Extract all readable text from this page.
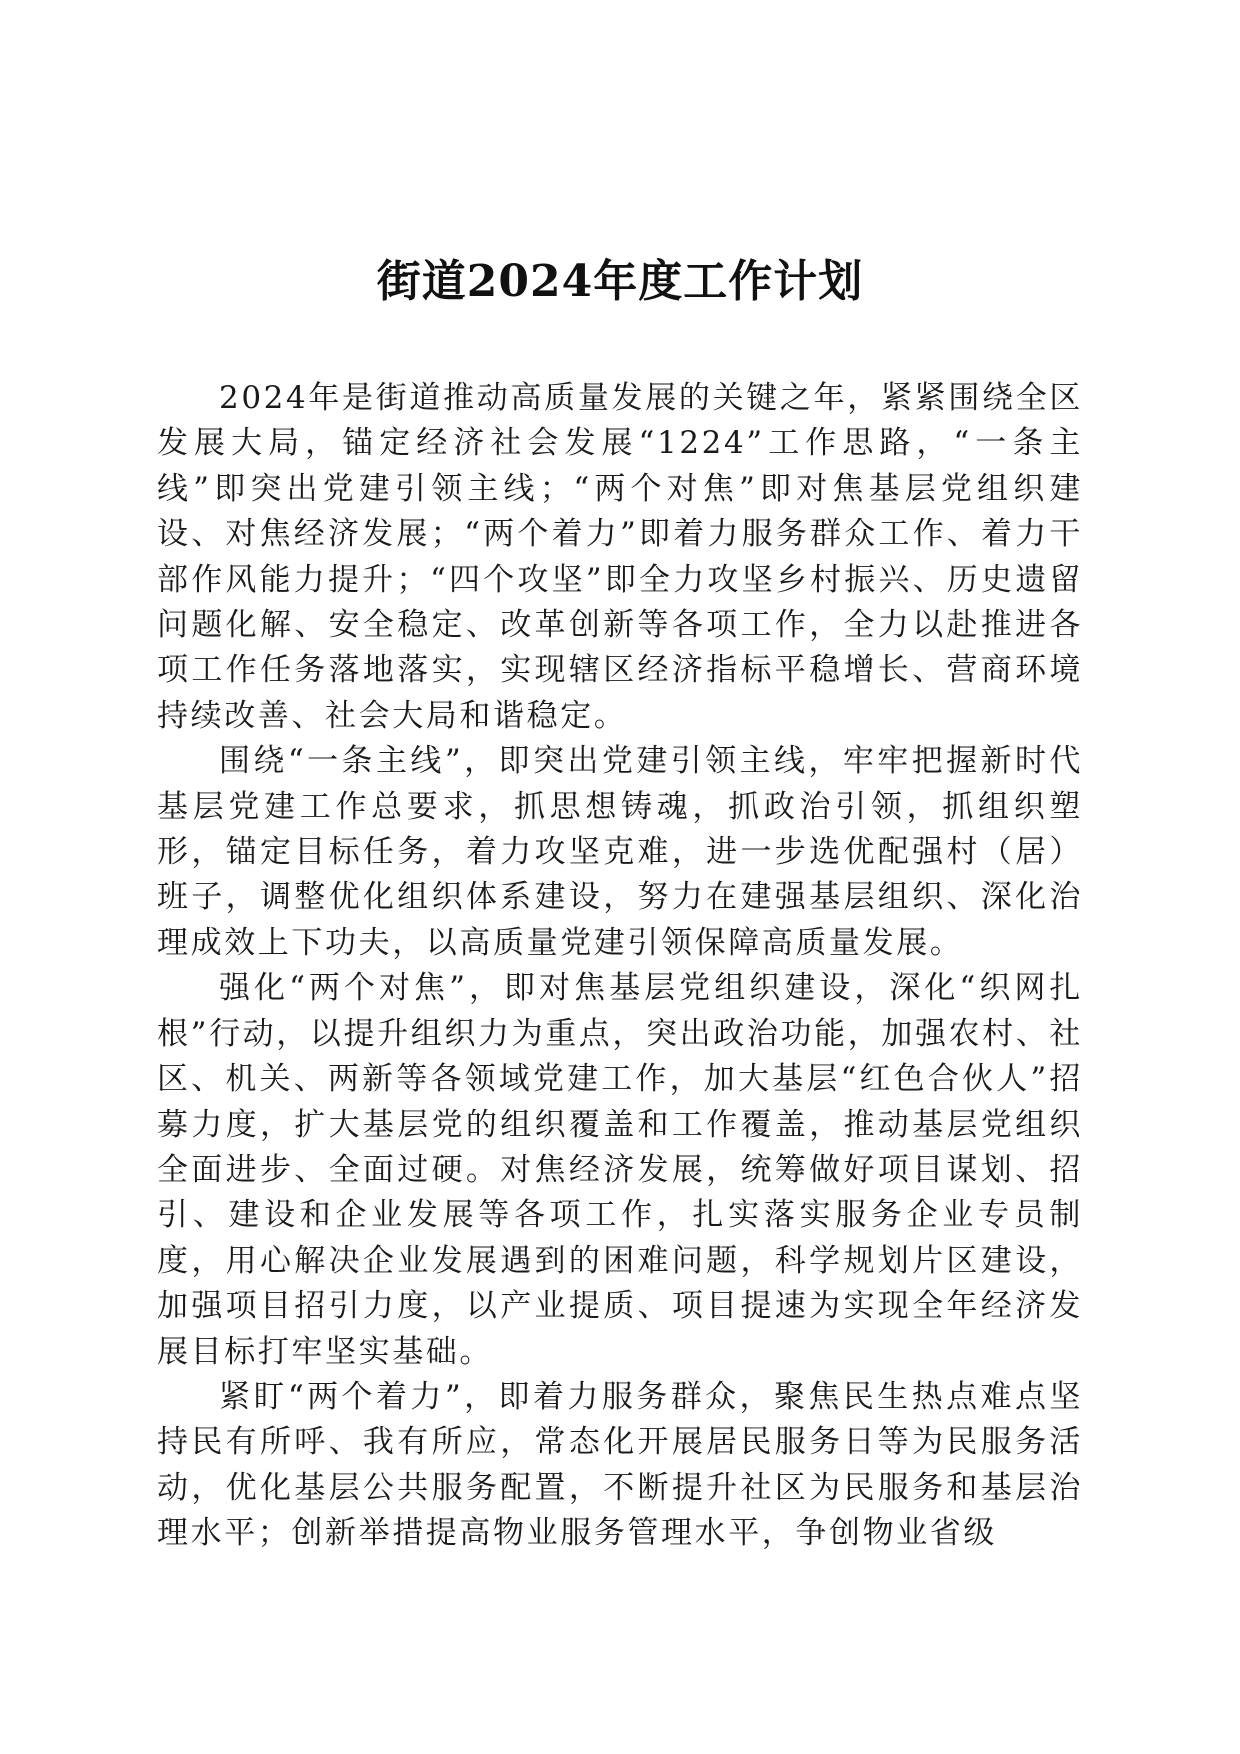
街道2024年度工作计划

2024年是街道推动高质量发展的关键之年，紧紧围绕全区发展大局，锚定经济社会发展“1224”工作思路，“一条主线”即突出党建引领主线；“两个对焦”即对焦基层党组织建设、对焦经济发展；“两个着力”即着力服务群众工作、着力干部作风能力提升；“四个攻坚”即全力攻坚乡村振兴、历史遗留问题化解、安全稳定、改革创新等各项工作，全力以赴推进各项工作任务落地落实，实现辖区经济指标平稳增长、营商环境持续改善、社会大局和谐稳定。

围绕“一条主线”，即突出党建引领主线，牢牢把握新时代基层党建工作总要求，抓思想铸魂，抓政治引领，抓组织塑形，锚定目标任务，着力攻坚克难，进一步选优配强村（居）班子，调整优化组织体系建设，努力在建强基层组织、深化治理成效上下功夫，以高质量党建引领保障高质量发展。

强化“两个对焦”，即对焦基层党组织建设，深化“织网扎根”行动，以提升组织力为重点，突出政治功能，加强农村、社区、机关、两新等各领域党建工作，加大基层“红色合伙人”招募力度，扩大基层党的组织覆盖和工作覆盖，推动基层党组织全面进步、全面过硬。对焦经济发展，统筹做好项目谋划、招引、建设和企业发展等各项工作，扎实落实服务企业专员制度，用心解决企业发展遇到的困难问题，科学规划片区建设，加强项目招引力度，以产业提质、项目提速为实现全年经济发展目标打牢坚实基础。

紧盯“两个着力”，即着力服务群众，聚焦民生热点难点坚持民有所呼、我有所应，常态化开展居民服务日等为民服务活动，优化基层公共服务配置，不断提升社区为民服务和基层治理水平；创新举措提高物业服务管理水平，争创物业省级
